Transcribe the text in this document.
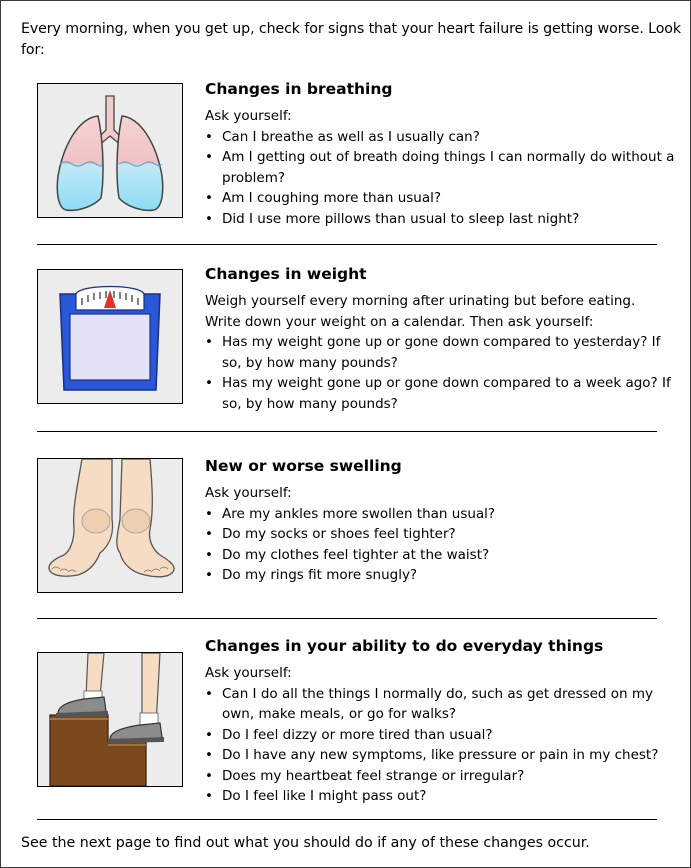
Every morning, when you get up, check for signs that your heart failure is getting worse. Look for:
Changes in breathing
Ask yourself:
• Can I breathe as well as I usually can?
• Am I getting out of breath doing things I can normally do without a problem?
• Am I coughing more than usual?
• Did I use more pillows than usual to sleep last night?
Changes in weight
Weigh yourself every morning after urinating but before eating. Write down your weight on a calendar. Then ask yourself:
• Has my weight gone up or gone down compared to yesterday? If so, by how many pounds?
• Has my weight gone up or gone down compared to a week ago? If so, by how many pounds?
New or worse swelling
Ask yourself:
• Are my ankles more swollen than usual?
• Do my socks or shoes feel tighter?
• Do my clothes feel tighter at the waist?
• Do my rings fit more snugly?
Changes in your ability to do everyday things
Ask yourself:
• Can I do all the things I normally do, such as get dressed on my own, make meals, or go for walks?
• Do I feel dizzy or more tired than usual?
• Do I have any new symptoms, like pressure or pain in my chest?
• Does my heartbeat feel strange or irregular?
• Do I feel like I might pass out?
See the next page to find out what you should do if any of these changes occur.
